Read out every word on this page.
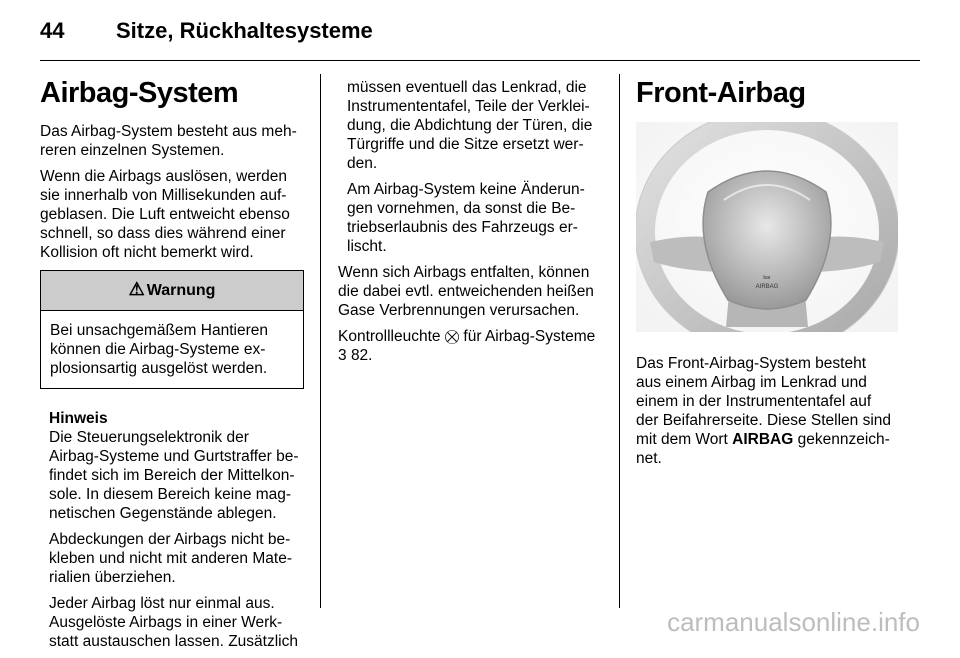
44 Sitze, Rückhaltesysteme
Airbag-System

Das Airbag-System besteht aus meh-
reren einzelnen Systemen.

Wenn die Airbags auslösen, werden
sie innerhalb von Millisekunden auf-
geblasen. Die Luft entweicht ebenso
schnell, so dass dies während einer
Kollision oft nicht bemerkt wird.

⚠ Warnung
Bei unsachgemäßem Hantieren
können die Airbag-Systeme ex-
plosionsartig ausgelöst werden.
Hinweis

Die Steuerungselektronik der
Airbag-Systeme und Gurtstraffer be-
findet sich im Bereich der Mittelkon-
sole. In diesem Bereich keine mag-
netischen Gegenstände ablegen.

Abdeckungen der Airbags nicht be-
kleben und nicht mit anderen Mate-
rialien überziehen.

Jeder Airbag löst nur einmal aus.
Ausgelöste Airbags in einer Werk-
statt austauschen lassen. Zusätzlich

müssen eventuell das Lenkrad, die
Instrumententafel, Teile der Verklei-
dung, die Abdichtung der Türen, die
Türgriffe und die Sitze ersetzt wer-
den.

Am Airbag-System keine Änderun-
gen vornehmen, da sonst die Be-
triebserlaubnis des Fahrzeugs er-
lischt.

Wenn sich Airbags entfalten, können
die dabei evtl. entweichenden heißen
Gase Verbrennungen verursachen.

Kontrollleuchte ⛒ für Airbag-Systeme
3 82.

Front-Airbag
bar
AIRBAG

Das Front-Airbag-System besteht
aus einem Airbag im Lenkrad und
einem in der Instrumententafel auf
der Beifahrerseite. Diese Stellen sind
mit dem Wort AIRBAG gekennzeich-
net.

carmanualsonline.info
